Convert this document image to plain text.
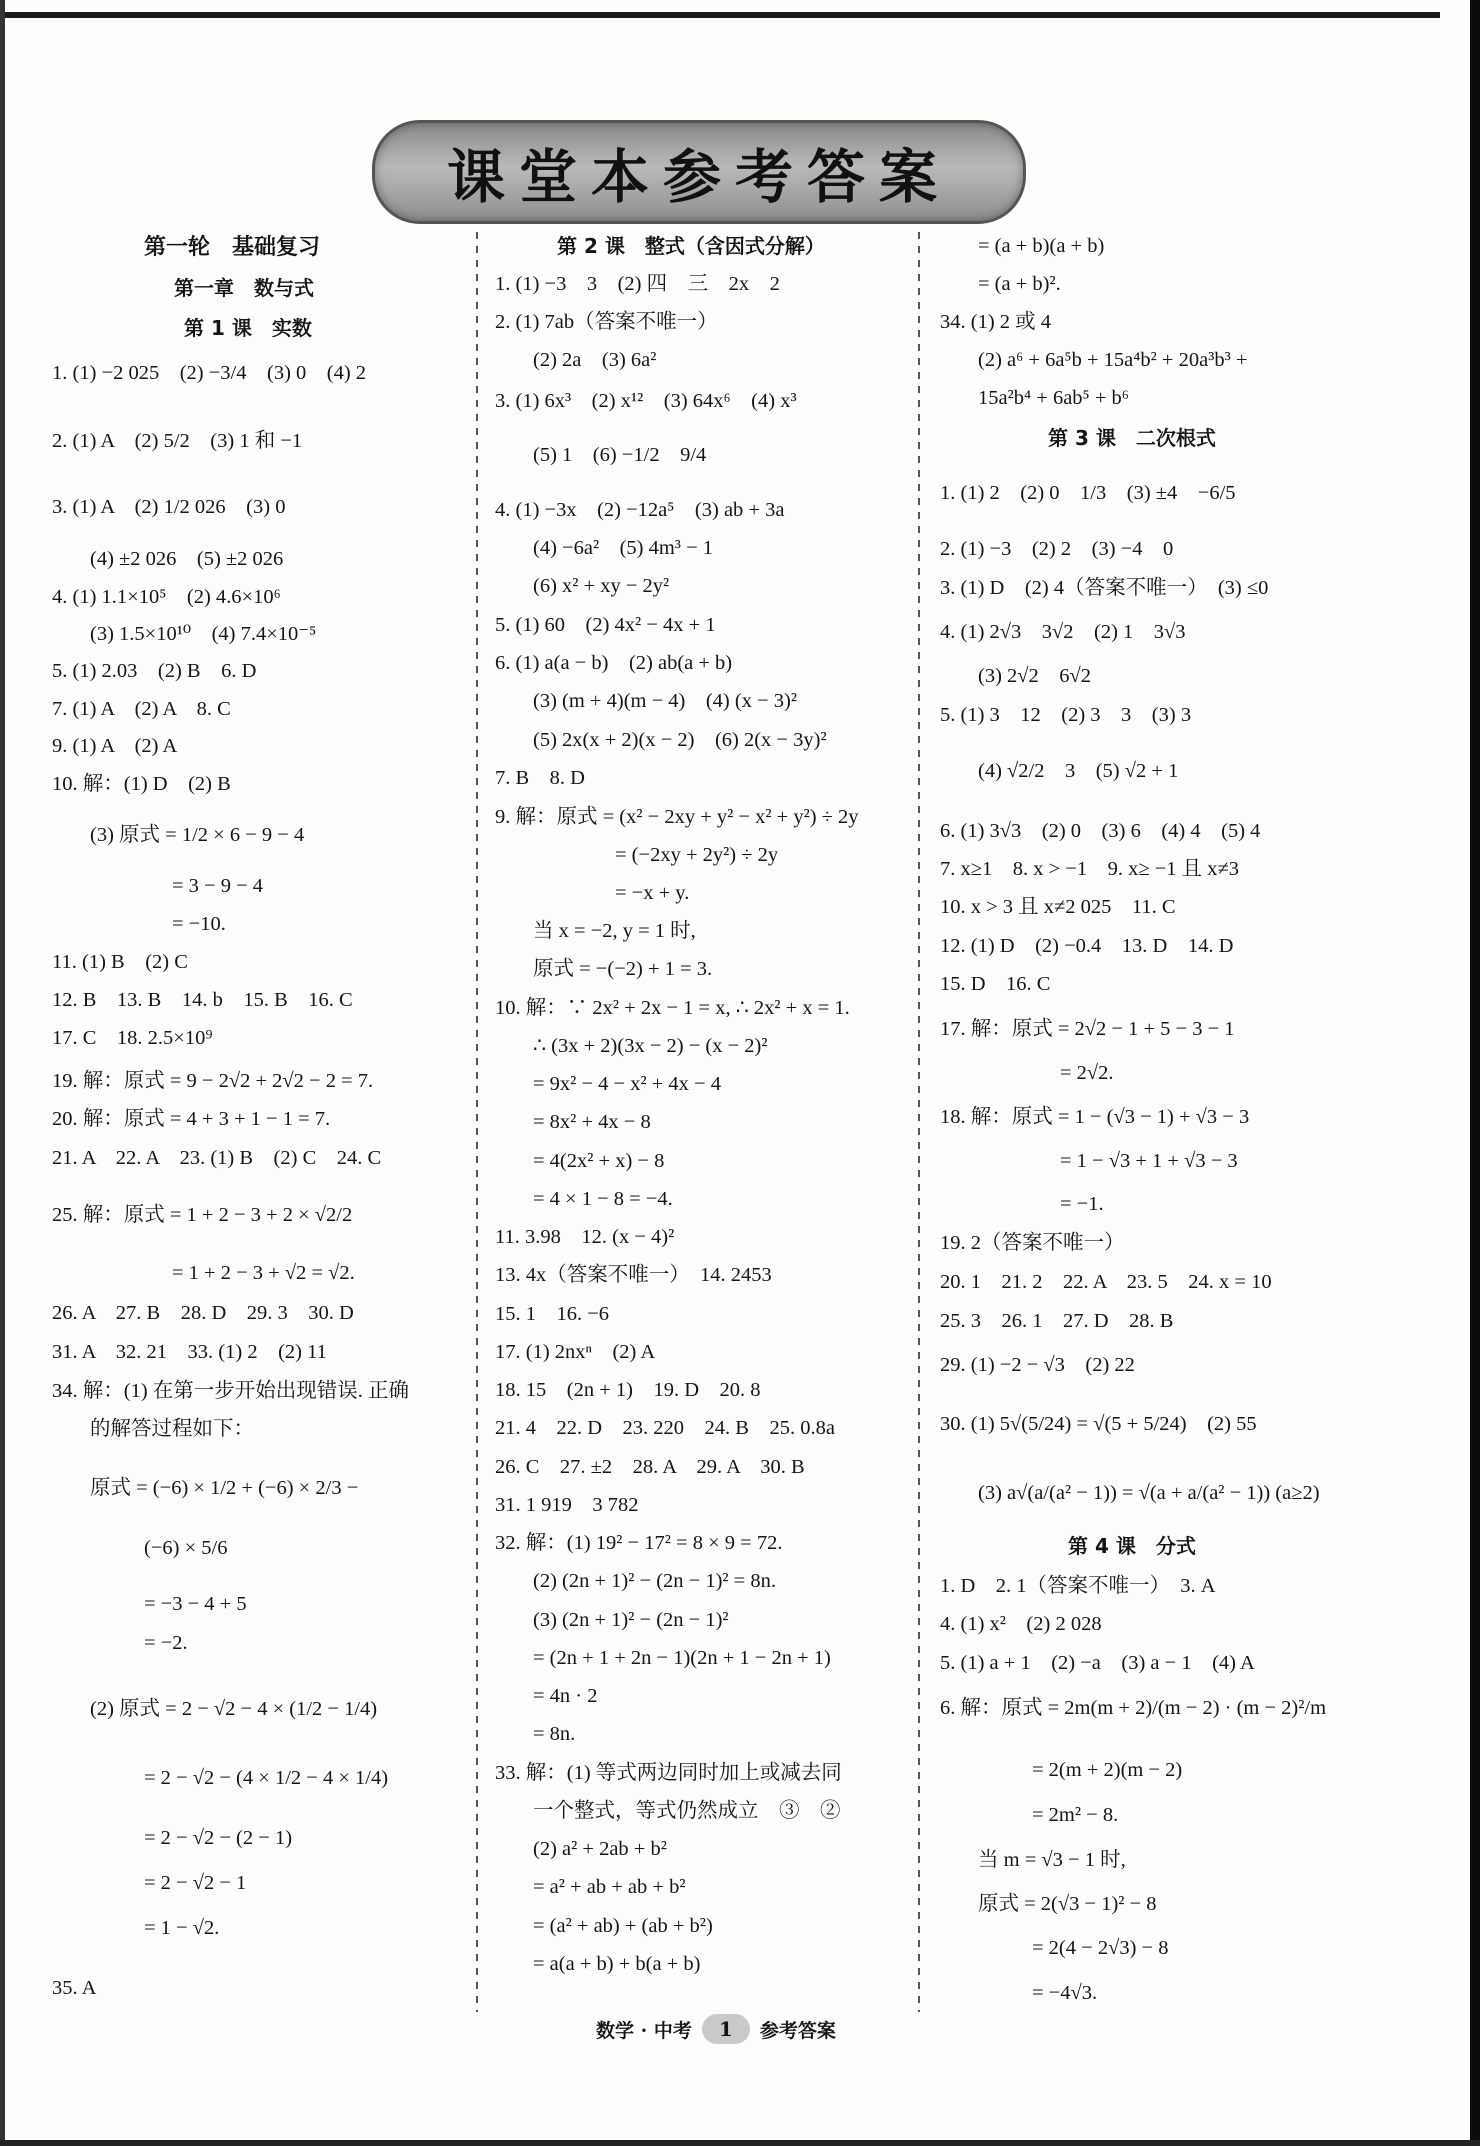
课堂本参考答案
第一轮　基础复习
第一章　数与式
第 1 课　实数
1. (1) −2 025　(2) −3/4　(3) 0　(4) 2
2. (1) A　(2) 5/2　(3) 1 和 −1
3. (1) A　(2) 1/2 026　(3) 0
(4) ±2 026　(5) ±2 026
4. (1) 1.1×10⁵　(2) 4.6×10⁶
(3) 1.5×10¹⁰　(4) 7.4×10⁻⁵
5. (1) 2.03　(2) B　6. D
7. (1) A　(2) A　8. C
9. (1) A　(2) A
10. 解：(1) D　(2) B
(3) 原式 = 1/2 × 6 − 9 − 4
= 3 − 9 − 4
= −10.
11. (1) B　(2) C
12. B　13. B　14. b　15. B　16. C
17. C　18. 2.5×10⁹
19. 解：原式 = 9 − 2√2 + 2√2 − 2 = 7.
20. 解：原式 = 4 + 3 + 1 − 1 = 7.
21. A　22. A　23. (1) B　(2) C　24. C
25. 解：原式 = 1 + 2 − 3 + 2 × √2/2
= 1 + 2 − 3 + √2 = √2.
26. A　27. B　28. D　29. 3　30. D
31. A　32. 21　33. (1) 2　(2) 11
34. 解：(1) 在第一步开始出现错误. 正确
的解答过程如下：
原式 = (−6) × 1/2 + (−6) × 2/3 −
(−6) × 5/6
= −3 − 4 + 5
= −2.
(2) 原式 = 2 − √2 − 4 × (1/2 − 1/4)
= 2 − √2 − (4 × 1/2 − 4 × 1/4)
= 2 − √2 − (2 − 1)
= 2 − √2 − 1
= 1 − √2.
35. A
第 2 课　整式（含因式分解）
1. (1) −3　3　(2) 四　三　2x　2
2. (1) 7ab（答案不唯一）
(2) 2a　(3) 6a²
3. (1) 6x³　(2) x¹²　(3) 64x⁶　(4) x³
(5) 1　(6) −1/2　9/4
4. (1) −3x　(2) −12a⁵　(3) ab + 3a
(4) −6a²　(5) 4m³ − 1
(6) x² + xy − 2y²
5. (1) 60　(2) 4x² − 4x + 1
6. (1) a(a − b)　(2) ab(a + b)
(3) (m + 4)(m − 4)　(4) (x − 3)²
(5) 2x(x + 2)(x − 2)　(6) 2(x − 3y)²
7. B　8. D
9. 解：原式 = (x² − 2xy + y² − x² + y²) ÷ 2y
= (−2xy + 2y²) ÷ 2y
= −x + y.
当 x = −2, y = 1 时,
原式 = −(−2) + 1 = 3.
10. 解：∵ 2x² + 2x − 1 = x, ∴ 2x² + x = 1.
∴ (3x + 2)(3x − 2) − (x − 2)²
= 9x² − 4 − x² + 4x − 4
= 8x² + 4x − 8
= 4(2x² + x) − 8
= 4 × 1 − 8 = −4.
11. 3.98　12. (x − 4)²
13. 4x（答案不唯一）　14. 2453
15. 1　16. −6
17. (1) 2nxⁿ　(2) A
18. 15　(2n + 1)　19. D　20. 8
21. 4　22. D　23. 220　24. B　25. 0.8a
26. C　27. ±2　28. A　29. A　30. B
31. 1 919　3 782
32. 解：(1) 19² − 17² = 8 × 9 = 72.
(2) (2n + 1)² − (2n − 1)² = 8n.
(3) (2n + 1)² − (2n − 1)²
= (2n + 1 + 2n − 1)(2n + 1 − 2n + 1)
= 4n · 2
= 8n.
33. 解：(1) 等式两边同时加上或减去同
一个整式，等式仍然成立　③　②
(2) a² + 2ab + b²
= a² + ab + ab + b²
= (a² + ab) + (ab + b²)
= a(a + b) + b(a + b)
= (a + b)(a + b)
= (a + b)².
34. (1) 2 或 4
(2) a⁶ + 6a⁵b + 15a⁴b² + 20a³b³ +
15a²b⁴ + 6ab⁵ + b⁶
第 3 课　二次根式
1. (1) 2　(2) 0　1/3　(3) ±4　−6/5
2. (1) −3　(2) 2　(3) −4　0
3. (1) D　(2) 4（答案不唯一）　(3) ≤0
4. (1) 2√3　3√2　(2) 1　3√3
(3) 2√2　6√2
5. (1) 3　12　(2) 3　3　(3) 3
(4) √2/2　3　(5) √2 + 1
6. (1) 3√3　(2) 0　(3) 6　(4) 4　(5) 4
7. x≥1　8. x > −1　9. x≥ −1 且 x≠3
10. x > 3 且 x≠2 025　11. C
12. (1) D　(2) −0.4　13. D　14. D
15. D　16. C
17. 解：原式 = 2√2 − 1 + 5 − 3 − 1
= 2√2.
18. 解：原式 = 1 − (√3 − 1) + √3 − 3
= 1 − √3 + 1 + √3 − 3
= −1.
19. 2（答案不唯一）
20. 1　21. 2　22. A　23. 5　24. x = 10
25. 3　26. 1　27. D　28. B
29. (1) −2 − √3　(2) 22
30. (1) 5√(5/24) = √(5 + 5/24)　(2) 55
(3) a√(a/(a² − 1)) = √(a + a/(a² − 1)) (a≥2)
第 4 课　分式
1. D　2. 1（答案不唯一）　3. A
4. (1) x²　(2) 2 028
5. (1) a + 1　(2) −a　(3) a − 1　(4) A
6. 解：原式 = 2m(m + 2)/(m − 2) · (m − 2)²/m
= 2(m + 2)(m − 2)
= 2m² − 8.
当 m = √3 − 1 时,
原式 = 2(√3 − 1)² − 8
= 2(4 − 2√3) − 8
= −4√3.
数学 · 中考	1	参考答案
